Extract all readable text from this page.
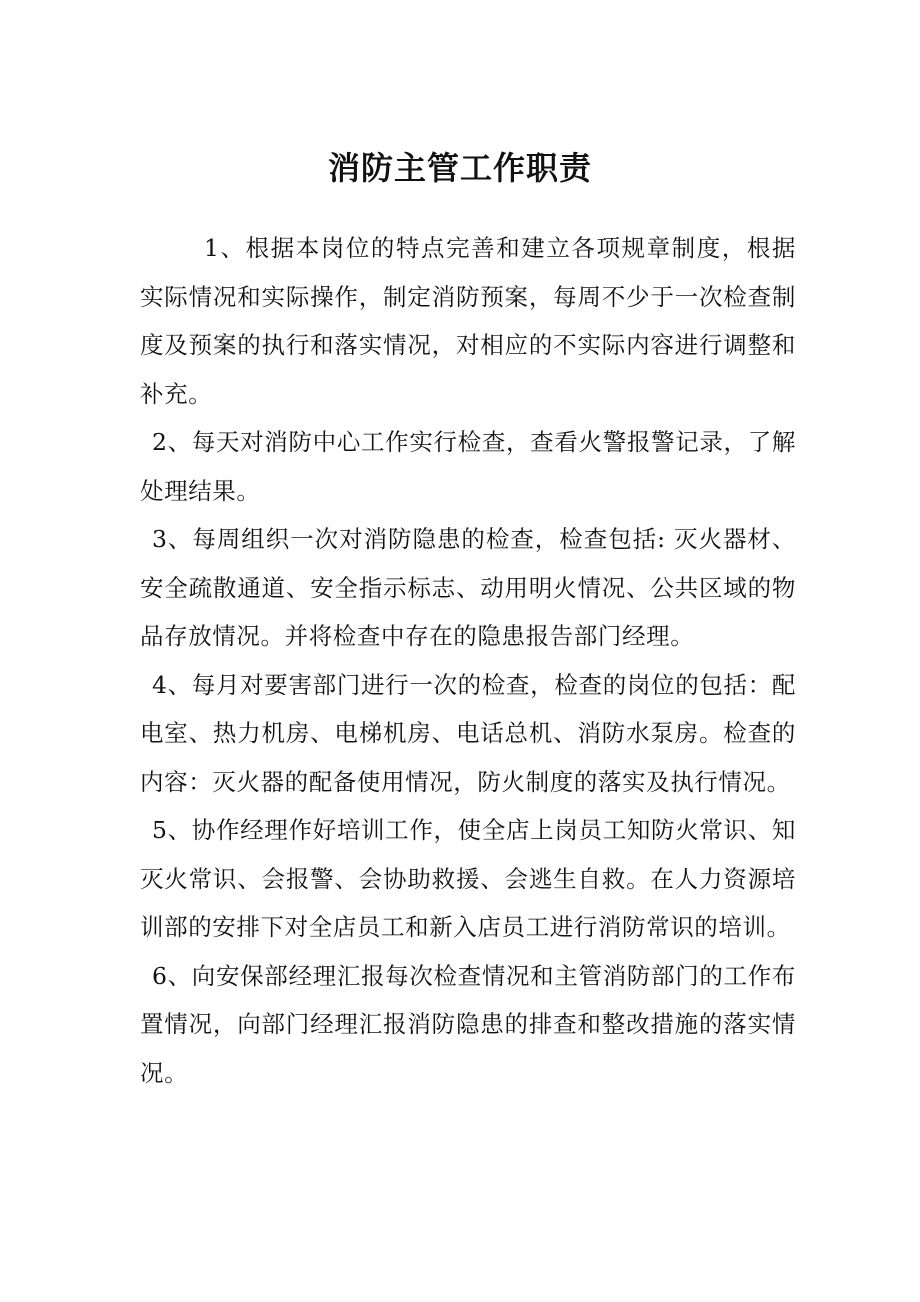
消防主管工作职责

1、根据本岗位的特点完善和建立各项规章制度，根据实际情况和实际操作，制定消防预案，每周不少于一次检查制度及预案的执行和落实情况，对相应的不实际内容进行调整和补充。

2、每天对消防中心工作实行检查，查看火警报警记录，了解处理结果。

3、每周组织一次对消防隐患的检查，检查包括: 灭火器材、安全疏散通道、安全指示标志、动用明火情况、公共区域的物品存放情况。并将检查中存在的隐患报告部门经理。

4、每月对要害部门进行一次的检查，检查的岗位的包括：配电室、热力机房、电梯机房、电话总机、消防水泵房。检查的内容：灭火器的配备使用情况，防火制度的落实及执行情况。

5、协作经理作好培训工作，使全店上岗员工知防火常识、知灭火常识、会报警、会协助救援、会逃生自救。在人力资源培训部的安排下对全店员工和新入店员工进行消防常识的培训。

6、向安保部经理汇报每次检查情况和主管消防部门的工作布置情况，向部门经理汇报消防隐患的排查和整改措施的落实情况。
